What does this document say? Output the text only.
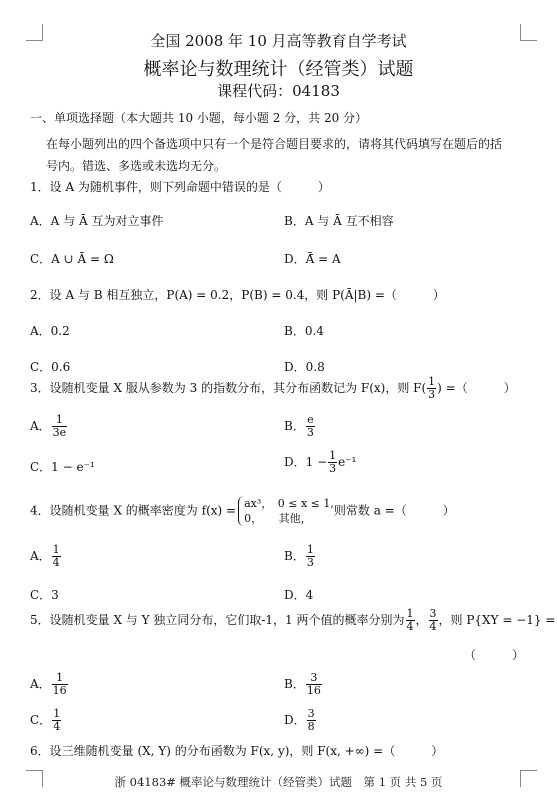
全国 2008 年 10 月高等教育自学考试
概率论与数理统计（经管类）试题
课程代码：04183
一、单项选择题（本大题共 10 小题，每小题 2 分，共 20 分）
在每小题列出的四个备选项中只有一个是符合题目要求的，请将其代码填写在题后的括
号内。错选、多选或未选均无分。
1．设 A 为随机事件，则下列命题中错误的是（　　　）
A．A 与 Ā 互为对立事件	B．A 与 Ā 互不相容
C．A ∪ Ā = Ω	D．Ā̄ = A
2．设 A 与 B 相互独立，P(A) = 0.2，P(B) = 0.4，则 P(Ā|B) =（　　　）
A．0.2	B．0.4
C．0.6	D．0.8
3．设随机变量 X 服从参数为 3 的指数分布，其分布函数记为 F(x)，则 $F( \frac{1}{3}$ ) =（　　　）
A． $\frac{1}{3e}$	B． $\frac{e}{3}$
C．1 − e⁻¹	D．$1 - \frac{1}{3} e^{-1}$
4．设随机变量 X 的概率密度为 f(x) = ax³，　0 ≤ x ≤ 1,
0，　　其他，
则常数 a =（　　　）
A． $\frac{1}{4}$	B． $\frac{1}{3}$
C．3	D．4
5．设随机变量 X 与 Y 独立同分布，它们取-1，1 两个值的概率分别为 $\frac{1}{4}$ ， $\frac{3}{4}$ ，则 P{XY = −1} =
（　　　）
A． $\frac{1}{16}$	B． $\frac{3}{16}$
C． $\frac{1}{4}$	D． $\frac{3}{8}$
6．设三维随机变量 (X, Y) 的分布函数为 F(x, y)，则 F(x, +∞) =（　　　）
浙 04183# 概率论与数理统计（经管类）试题　第 1 页 共 5 页
